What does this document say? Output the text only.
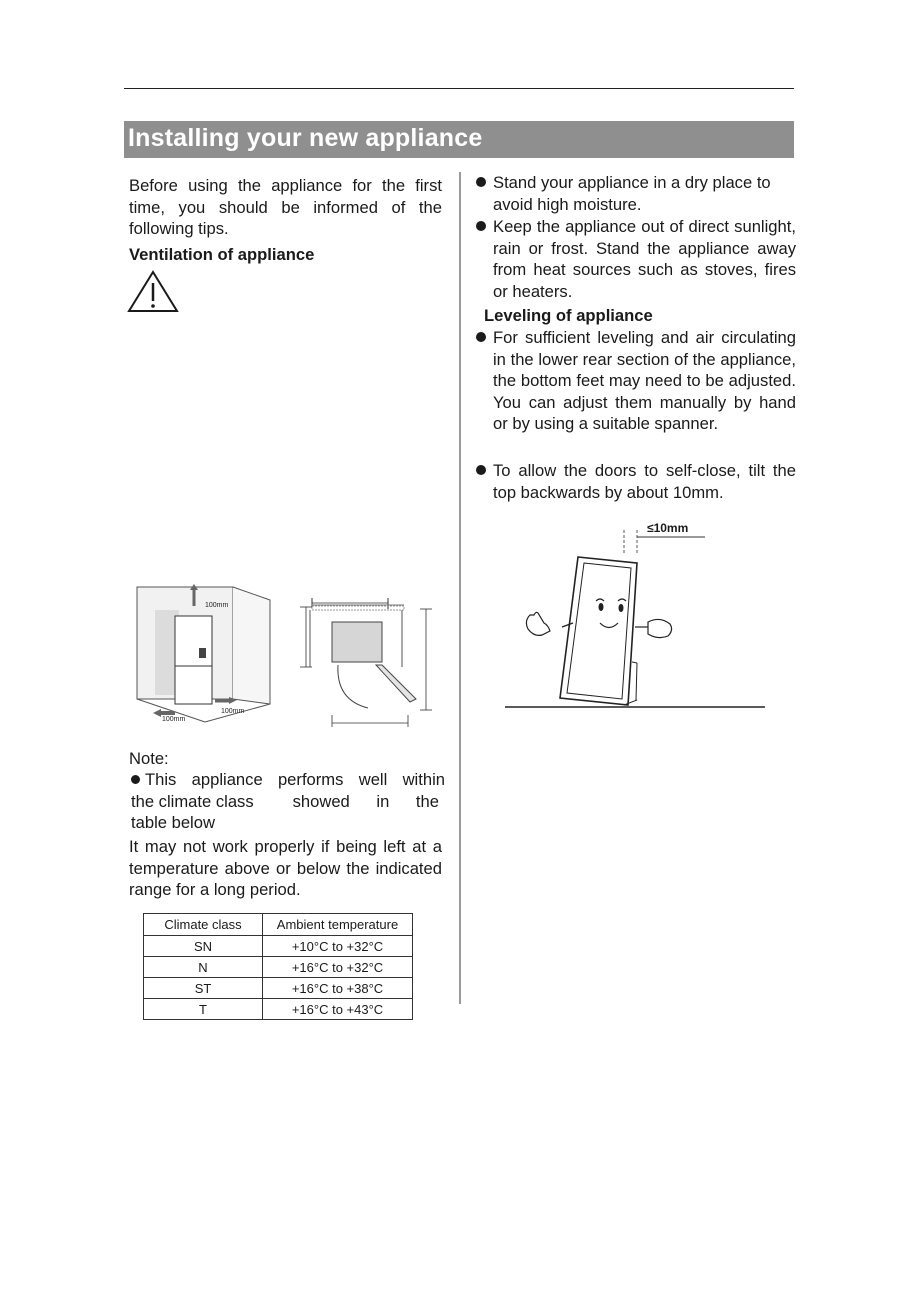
Installing your new appliance
Before using the appliance for the first time, you should be informed of the following tips.
Ventilation of appliance
100mm
100mm
100mm
Note:
This appliance performs well within
the climate class showed in the
table below
It may not work properly if being left at a temperature above or below the indicated range for a long period.
Climate class	Ambient temperature
SN	+10°C to +32°C
N	+16°C to +32°C
ST	+16°C to +38°C
T	+16°C to +43°C
Stand your appliance in a dry place to avoid high moisture.
Keep the appliance out of direct sunlight, rain or frost. Stand the appliance away from heat sources such as stoves, fires or heaters.
Leveling of appliance
For sufficient leveling and air circulating in the lower rear section of the appliance, the bottom feet may need to be adjusted. You can adjust them manually by hand or by using a suitable spanner.
To allow the doors to self-close, tilt the top backwards by about 10mm.
≤10mm
